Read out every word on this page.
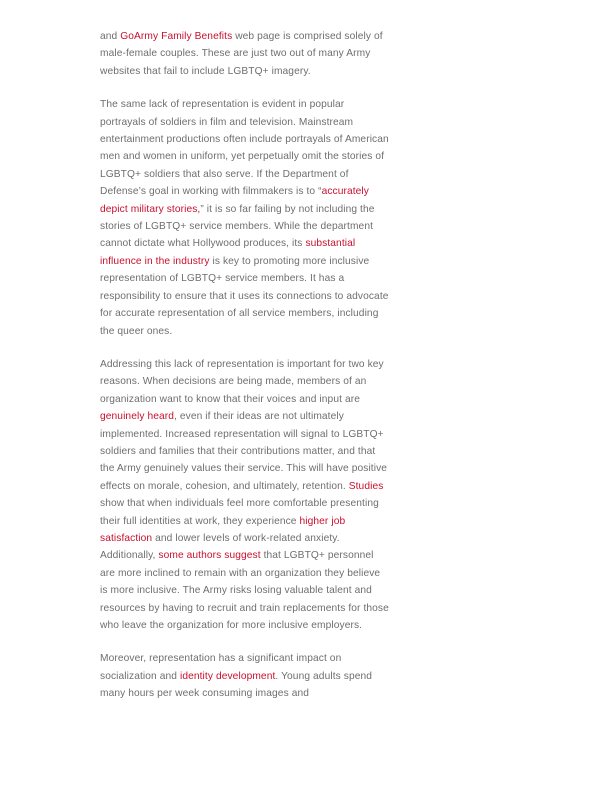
and GoArmy Family Benefits web page is comprised solely of male-female couples. These are just two out of many Army websites that fail to include LGBTQ+ imagery.

The same lack of representation is evident in popular portrayals of soldiers in film and television. Mainstream entertainment productions often include portrayals of American men and women in uniform, yet perpetually omit the stories of LGBTQ+ soldiers that also serve. If the Department of Defense’s goal in working with filmmakers is to “accurately depict military stories,” it is so far failing by not including the stories of LGBTQ+ service members. While the department cannot dictate what Hollywood produces, its substantial influence in the industry is key to promoting more inclusive representation of LGBTQ+ service members. It has a responsibility to ensure that it uses its connections to advocate for accurate representation of all service members, including the queer ones.

Addressing this lack of representation is important for two key reasons. When decisions are being made, members of an organization want to know that their voices and input are genuinely heard, even if their ideas are not ultimately implemented. Increased representation will signal to LGBTQ+ soldiers and families that their contributions matter, and that the Army genuinely values their service. This will have positive effects on morale, cohesion, and ultimately, retention. Studies show that when individuals feel more comfortable presenting their full identities at work, they experience higher job satisfaction and lower levels of work-related anxiety. Additionally, some authors suggest that LGBTQ+ personnel are more inclined to remain with an organization they believe is more inclusive. The Army risks losing valuable talent and resources by having to recruit and train replacements for those who leave the organization for more inclusive employers.

Moreover, representation has a significant impact on socialization and identity development. Young adults spend many hours per week consuming images and
